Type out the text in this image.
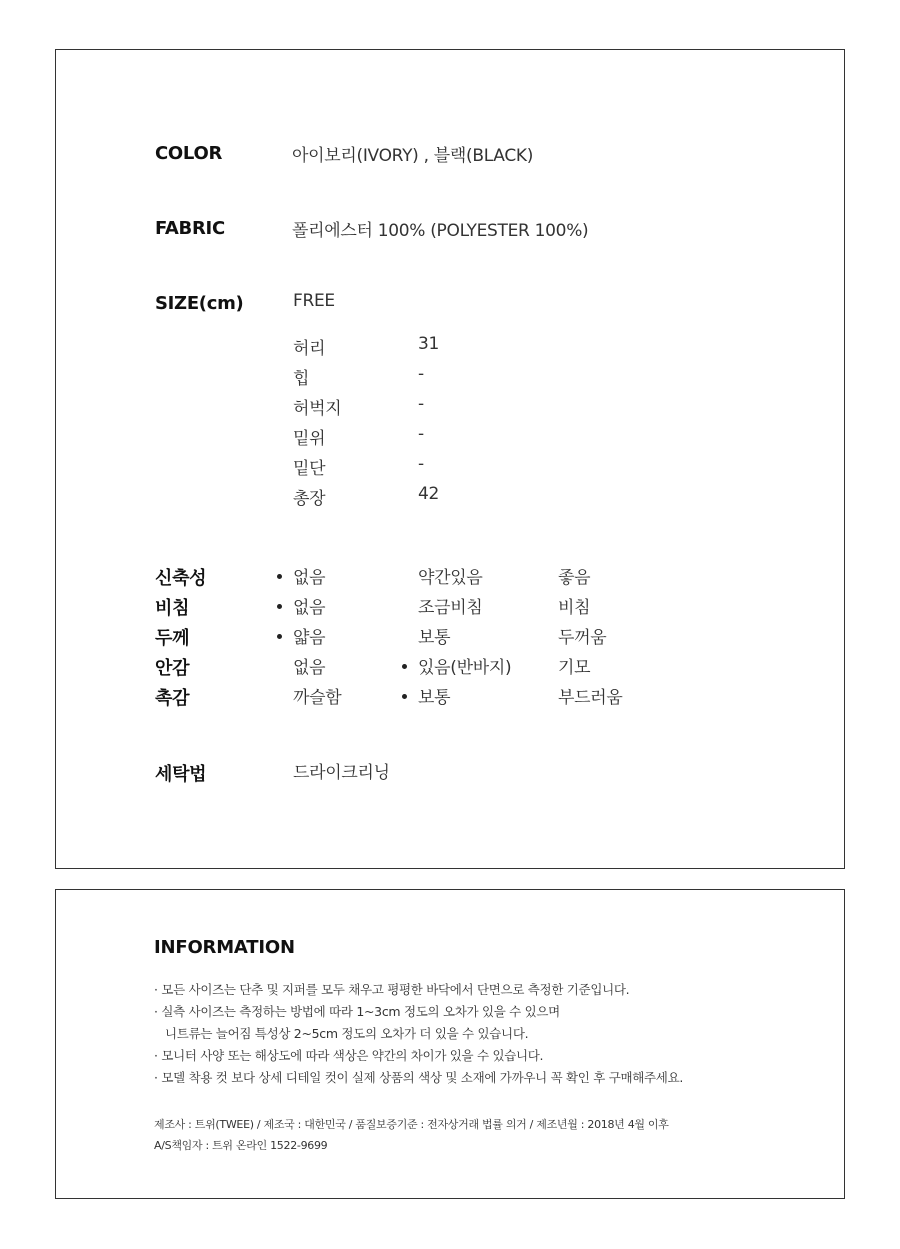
COLOR	아이보리(IVORY) , 블랙(BLACK)
FABRIC	폴리에스터 100% (POLYESTER 100%)
SIZE(cm)	FREE
허리	31
힙	-
허벅지	-
밑위	-
밑단	-
총장	42
신축성	없음	약간있음	좋음
비침	없음	조금비침	비침
두께	얇음	보통	두꺼움
안감	없음	있음(반바지)	기모
촉감	까슬함	보통	부드러움
세탁법	드라이크리닝
INFORMATION
· 모든 사이즈는 단추 및 지퍼를 모두 채우고 평평한 바닥에서 단면으로 측정한 기준입니다.
· 실측 사이즈는 측정하는 방법에 따라 1~3cm 정도의 오차가 있을 수 있으며
니트류는 늘어짐 특성상 2~5cm 정도의 오차가 더 있을 수 있습니다.
· 모니터 사양 또는 해상도에 따라 색상은 약간의 차이가 있을 수 있습니다.
· 모델 착용 컷 보다 상세 디테일 컷이 실제 상품의 색상 및 소재에 가까우니 꼭 확인 후 구매해주세요.
제조사 : 트위(TWEE) / 제조국 : 대한민국 / 품질보증기준 : 전자상거래 법률 의거 / 제조년월 : 2018년 4월 이후
A/S책임자 : 트위 온라인 1522-9699
